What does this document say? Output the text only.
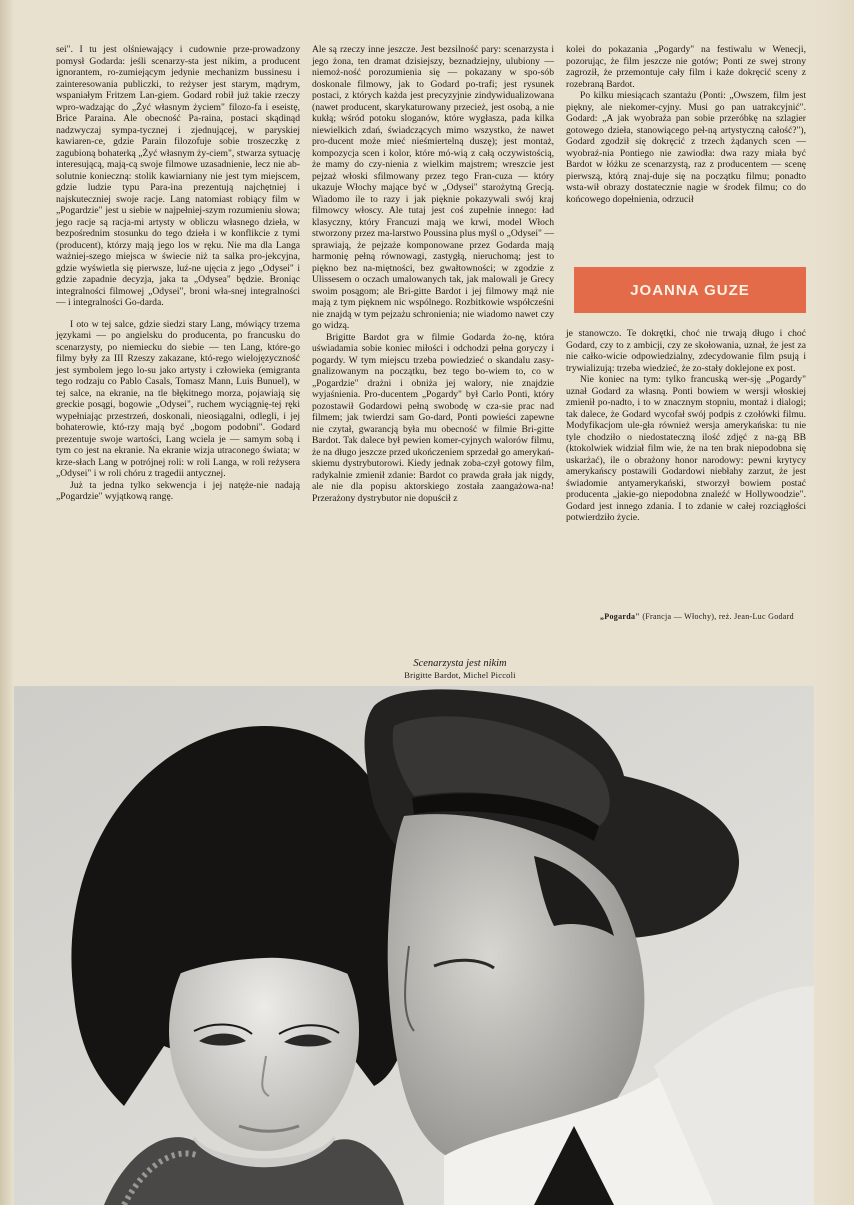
sei". I tu jest olśniewający i cudownie prze-prowadzony pomysł Godarda: jeśli scenarzy-sta jest nikim, a producent ignorantem, ro-zumiejącym jedynie mechanizm bussinesu i zainteresowania publiczki, to reżyser jest starym, mądrym, wspaniałym Fritzem Lan-giem. Godard robił już takie rzeczy wpro-wadzając do „Żyć własnym życiem" filozo-fa i eseistę, Brice Paraina. Ale obecność Pa-raina, postaci skądinąd nadzwyczaj sympa-tycznej i zjednującej, w paryskiej kawiaren-ce, gdzie Parain filozofuje sobie troszeczkę z zagubioną bohaterką „Żyć własnym ży-ciem", stwarza sytuację interesującą, mają-cą swoje filmowe uzasadnienie, lecz nie ab-solutnie konieczną: stolik kawiarniany nie jest tym miejscem, gdzie ludzie typu Para-ina prezentują najchętniej i najskuteczniej swoje racje. Lang natomiast robiący film w „Pogardzie" jest u siebie w najpełniej-szym rozumieniu słowa; jego racje są racja-mi artysty w obliczu własnego dzieła, w bezpośrednim stosunku do tego dzieła i w konflikcie z tymi (producent), którzy mają jego los w ręku. Nie ma dla Langa ważniej-szego miejsca w świecie niż ta salka pro-jekcyjna, gdzie wyświetla się pierwsze, luź-ne ujęcia z jego „Odysei" i gdzie zapadnie decyzja, jaka ta „Odysea" będzie. Broniąc integralności filmowej „Odysei", broni wła-snej integralności — i integralności Go-darda.

I oto w tej salce, gdzie siedzi stary Lang, mówiący trzema językami — po angielsku do producenta, po francusku do scenarzysty, po niemiecku do siebie — ten Lang, które-go filmy były za III Rzeszy zakazane, któ-rego wielojęzyczność jest symbolem jego lo-su jako artysty i człowieka (emigranta tego rodzaju co Pablo Casals, Tomasz Mann, Luis Bunuel), w tej salce, na ekranie, na tle błękitnego morza, pojawiają się greckie posągi, bogowie „Odysei", ruchem wyciągnię-tej ręki wypełniając przestrzeń, doskonali, nieosiągalni, odlegli, i jej bohaterowie, któ-rzy mają być „bogom podobni". Godard prezentuje swoje wartości, Lang wciela je — samym sobą i tym co jest na ekranie. Na ekranie wizja utraconego świata; w krze-słach Lang w potrójnej roli: w roli Langa, w roli reżysera „Odysei" i w roli chóru z tragedii antycznej.

Już ta jedna tylko sekwencja i jej natęże-nie nadają „Pogardzie" wyjątkową rangę.

Ale są rzeczy inne jeszcze. Jest bezsilność pary: scenarzysta i jego żona, ten dramat dzisiejszy, beznadziejny, ulubiony — niemoż-ność porozumienia się — pokazany w spo-sób doskonale filmowy, jak to Godard po-trafi; jest rysunek postaci, z których każda jest precyzyjnie zindywidualizowana (nawet producent, skarykaturowany przecież, jest osobą, a nie kukłą; wśród potoku sloganów, które wygłasza, pada kilka niewielkich zdań, świadczących mimo wszystko, że nawet pro-ducent może mieć nieśmiertelną duszę); jest montaż, kompozycja scen i kolor, które mó-wią z całą oczywistością, że mamy do czy-nienia z wielkim majstrem; wreszcie jest pejzaż włoski sfilmowany przez tego Fran-cuza — który ukazuje Włochy mające być w „Odysei" starożytną Grecją. Wiadomo ile to razy i jak pięknie pokazywali swój kraj filmowcy włoscy. Ale tutaj jest coś zupełnie innego: ład klasyczny, który Francuzi mają we krwi, model Włoch stworzony przez ma-larstwo Poussina plus myśl o „Odysei" — sprawiają, że pejzaże komponowane przez Godarda mają harmonię pełną równowagi, zastygłą, nieruchomą; jest to piękno bez na-miętności, bez gwałtowności; w zgodzie z Ulissesem o oczach umalowanych tak, jak malowali je Grecy swoim posągom; ale Bri-gitte Bardot i jej filmowy mąż nie mają z tym pięknem nic wspólnego. Rozbitkowie współcześni nie znajdą w tym pejzażu schronienia; nie wiadomo nawet czy go widzą.

Brigitte Bardot gra w filmie Godarda żo-nę, która uświadamia sobie koniec miłości i odchodzi pełna goryczy i pogardy. W tym miejscu trzeba powiedzieć o skandalu zasy-gnalizowanym na początku, bez tego bo-wiem to, co w „Pogardzie" drażni i obniża jej walory, nie znajdzie wyjaśnienia. Pro-ducentem „Pogardy" był Carlo Ponti, który pozostawił Godardowi pełną swobodę w cza-sie prac nad filmem; jak twierdzi sam Go-dard, Ponti powieści zapewne nie czytał, gwarancją była mu obecność w filmie Bri-gitte Bardot. Tak dalece był pewien komer-cyjnych walorów filmu, że na długo jeszcze przed ukończeniem sprzedał go amerykań-skiemu dystrybutorowi. Kiedy jednak zoba-czył gotowy film, radykalnie zmienił zdanie: Bardot co prawda grała jak nigdy, ale nie dla popisu aktorskiego została zaangażowa-na! Przerażony dystrybutor nie dopuścił z

kolei do pokazania „Pogardy" na festiwalu w Wenecji, pozorując, że film jeszcze nie gotów; Ponti ze swej strony zagroził, że przemontuje cały film i każe dokręcić sceny z rozebraną Bardot.

Po kilku miesiącach szantażu (Ponti: „Owszem, film jest piękny, ale niekomer-cyjny. Musi go pan uatrakcyjnić". Godard: „A jak wyobraża pan sobie przeróbkę na szlagier gotowego dzieła, stanowiącego peł-ną artystyczną całość?"), Godard zgodził się dokręcić z trzech żądanych scen — wyobraź-nia Pontiego nie zawiodła: dwa razy miała być Bardot w łóżku ze scenarzystą, raz z producentem — scenę pierwszą, którą znaj-duje się na początku filmu; ponadto wsta-wił obrazy dostatecznie nagie w środek filmu; co do końcowego dopełnienia, odrzucił

JOANNA GUZE

je stanowczo. Te dokrętki, choć nie trwają długo i choć Godard, czy to z ambicji, czy ze skołowania, uznał, że jest za nie całko-wicie odpowiedzialny, zdecydowanie film psują i trywializują: trzeba wiedzieć, że zo-stały doklejone ex post.

Nie koniec na tym: tylko francuską wer-sję „Pogardy" uznał Godard za własną. Ponti bowiem w wersji włoskiej zmienił po-nadto, i to w znacznym stopniu, montaż i dialogi; tak dalece, że Godard wycofał swój podpis z czołówki filmu. Modyfikacjom ule-gła również wersja amerykańska: tu nie tyle chodziło o niedostateczną ilość zdjęć z na-gą BB (ktokolwiek widział film wie, że na ten brak niepodobna się uskarżać), ile o obrażony honor narodowy: pewni krytycy amerykańscy postawili Godardowi niebłahy zarzut, że jest świadomie antyamerykański, stworzył bowiem postać producenta „jakie-go niepodobna znaleźć w Hollywoodzie". Godard jest innego zdania. I to zdanie w całej rozciągłości potwierdziło życie.

„Pogarda" (Francja — Włochy), reż. Jean-Luc Godard
Scenarzysta jest nikim
Brigitte Bardot, Michel Piccoli
